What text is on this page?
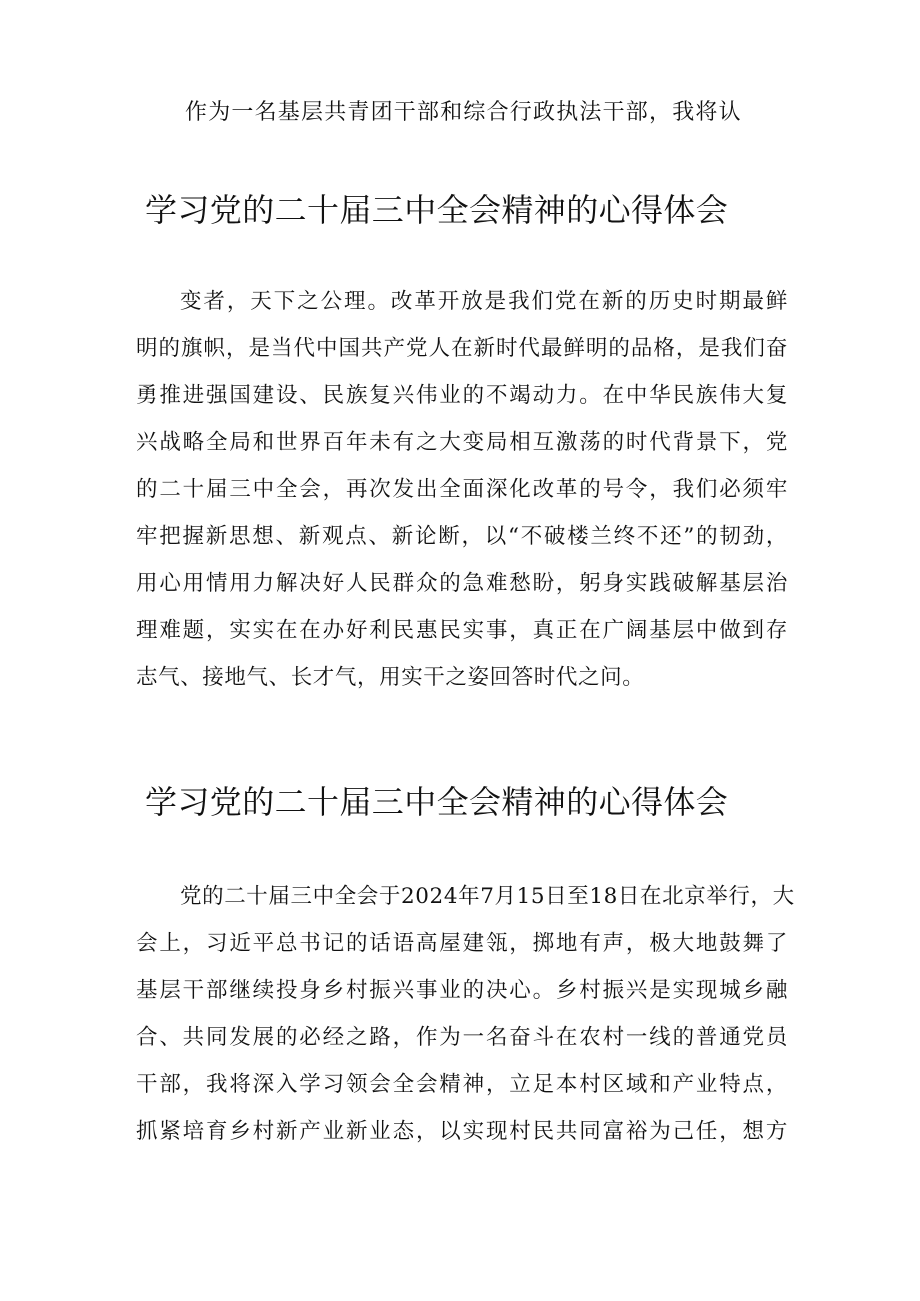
作为一名基层共青团干部和综合行政执法干部，我将认
学习党的二十届三中全会精神的心得体会
变者，天下之公理。改革开放是我们党在新的历史时期最鲜
明的旗帜，是当代中国共产党人在新时代最鲜明的品格，是我们奋
勇推进强国建设、民族复兴伟业的不竭动力。在中华民族伟大复
兴战略全局和世界百年未有之大变局相互激荡的时代背景下，党
的二十届三中全会，再次发出全面深化改革的号令，我们必须牢
牢把握新思想、新观点、新论断，以“不破楼兰终不还”的韧劲，
用心用情用力解决好人民群众的急难愁盼，躬身实践破解基层治
理难题，实实在在办好利民惠民实事，真正在广阔基层中做到存
志气、接地气、长才气，用实干之姿回答时代之问。
学习党的二十届三中全会精神的心得体会
党的二十届三中全会于2024年7月15日至18日在北京举行，大
会上，习近平总书记的话语高屋建瓴，掷地有声，极大地鼓舞了
基层干部继续投身乡村振兴事业的决心。乡村振兴是实现城乡融
合、共同发展的必经之路，作为一名奋斗在农村一线的普通党员
干部，我将深入学习领会全会精神，立足本村区域和产业特点，
抓紧培育乡村新产业新业态，以实现村民共同富裕为己任，想方
